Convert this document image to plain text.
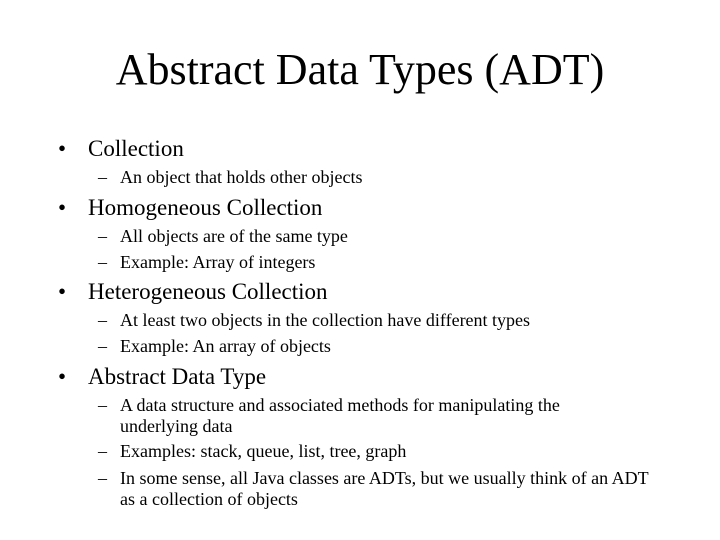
Abstract Data Types (ADT)
• Collection
– An object that holds other objects
• Homogeneous Collection
– All objects are of the same type
– Example: Array of integers
• Heterogeneous Collection
– At least two objects in the collection have different types
– Example: An array of objects
• Abstract Data Type
– A data structure and associated methods for manipulating the underlying data
– Examples: stack, queue, list, tree, graph
– In some sense, all Java classes are ADTs, but we usually think of an ADT as a collection of objects
